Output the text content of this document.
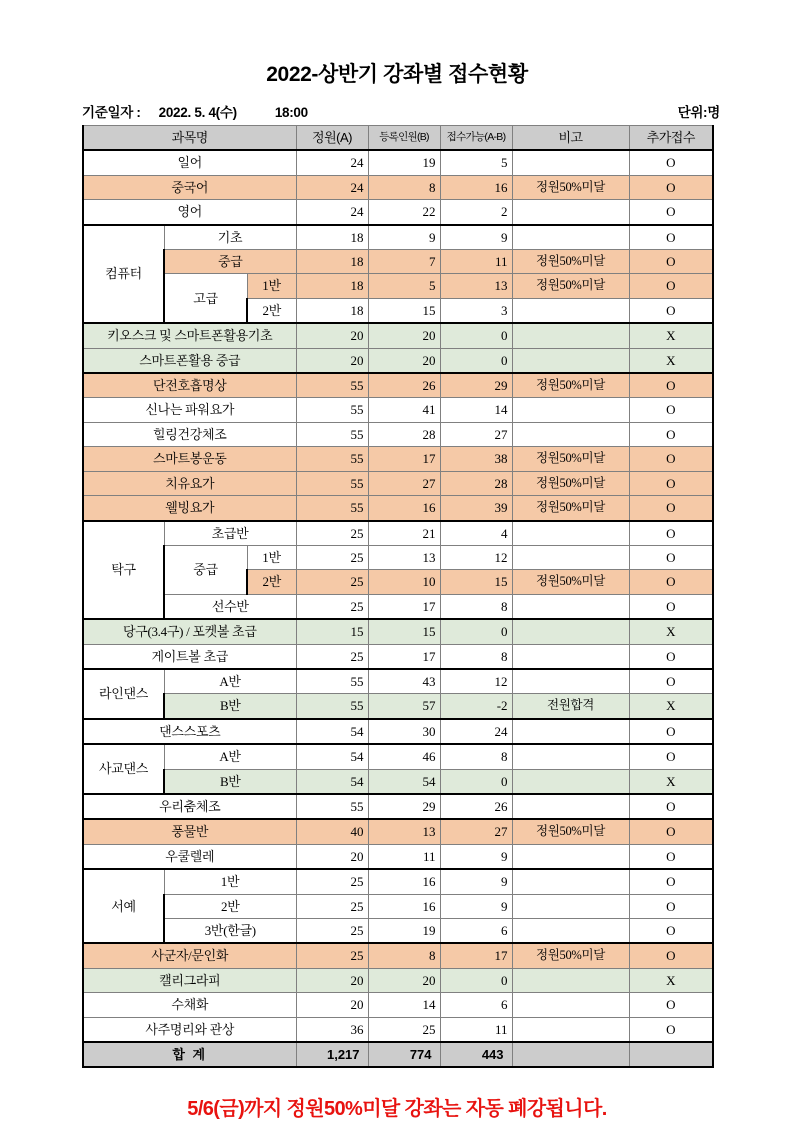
2022-상반기 강좌별 접수현황
기준일자 : 2022. 5. 4(수)	18:00	단위:명
과목명			정원(A)	등록인원(B)	접수가능(A-B)	비고	추가접수
일어			24	19	5		O
중국어			24	8	16	정원50%미달	O
영어			24	22	2		O
컴퓨터	기초		18	9	9		O
	중급		18	7	11	정원50%미달	O
	고급	1반	18	5	13	정원50%미달	O
		2반	18	15	3		O
키오스크 및 스마트폰활용기초			20	20	0		X
스마트폰활용 중급			20	20	0		X
단전호흡명상			55	26	29	정원50%미달	O
신나는 파워요가			55	41	14		O
힐링건강체조			55	28	27		O
스마트봉운동			55	17	38	정원50%미달	O
치유요가			55	27	28	정원50%미달	O
웰빙요가			55	16	39	정원50%미달	O
탁구	초급반		25	21	4		O
	중급	1반	25	13	12		O
		2반	25	10	15	정원50%미달	O
	선수반		25	17	8		O
당구(3.4구) / 포켓볼 초급			15	15	0		X
게이트볼 초급			25	17	8		O
라인댄스	A반		55	43	12		O
	B반		55	57	-2	전원합격	X
댄스스포츠			54	30	24		O
사교댄스	A반		54	46	8		O
	B반		54	54	0		X
우리춤체조			55	29	26		O
풍물반			40	13	27	정원50%미달	O
우쿨렐레			20	11	9		O
서예	1반		25	16	9		O
	2반		25	16	9		O
	3반(한글)		25	19	6		O
사군자/문인화			25	8	17	정원50%미달	O
캘리그라피			20	20	0		X
수채화			20	14	6		O
사주명리와 관상			36	25	11		O
합 계			1,217	774	443		
5/6(금)까지 정원50%미달 강좌는 자동 폐강됩니다.
